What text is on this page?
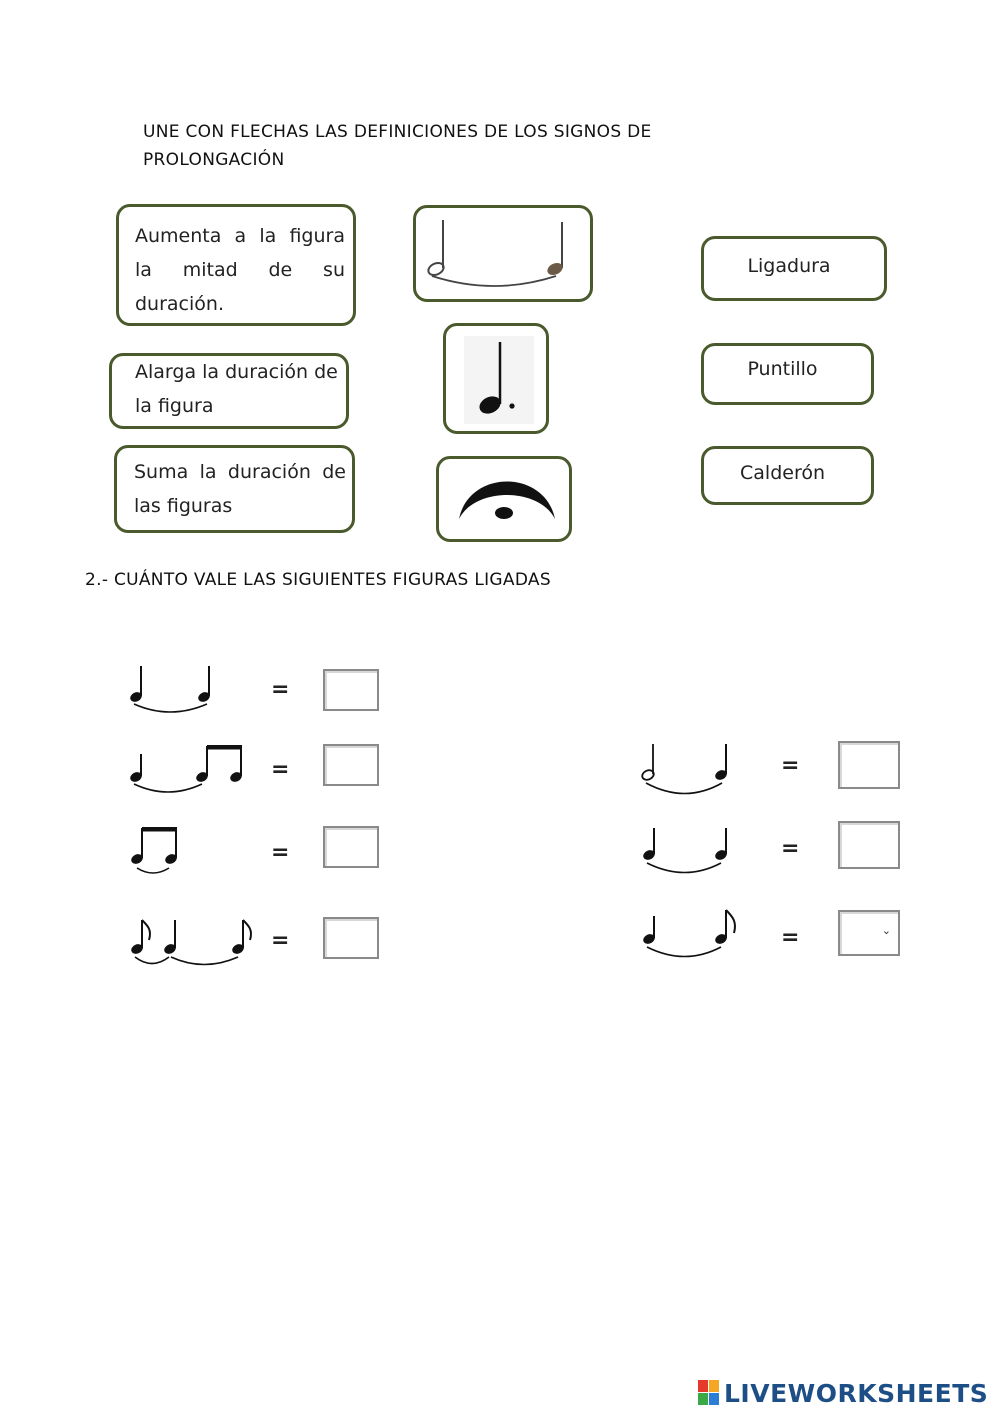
UNE CON FLECHAS LAS DEFINICIONES DE LOS SIGNOS DE
PROLONGACIÓN
Aumenta a la figura
la mitad de su
duración.
Alarga la duración de
la figura
Suma la duración de
las figuras
Ligadura
Puntillo
Calderón
2.- CUÁNTO VALE LAS SIGUIENTES FIGURAS LIGADAS
=
=
=
=
=
=
=	⌄
LIVEWORKSHEETS
